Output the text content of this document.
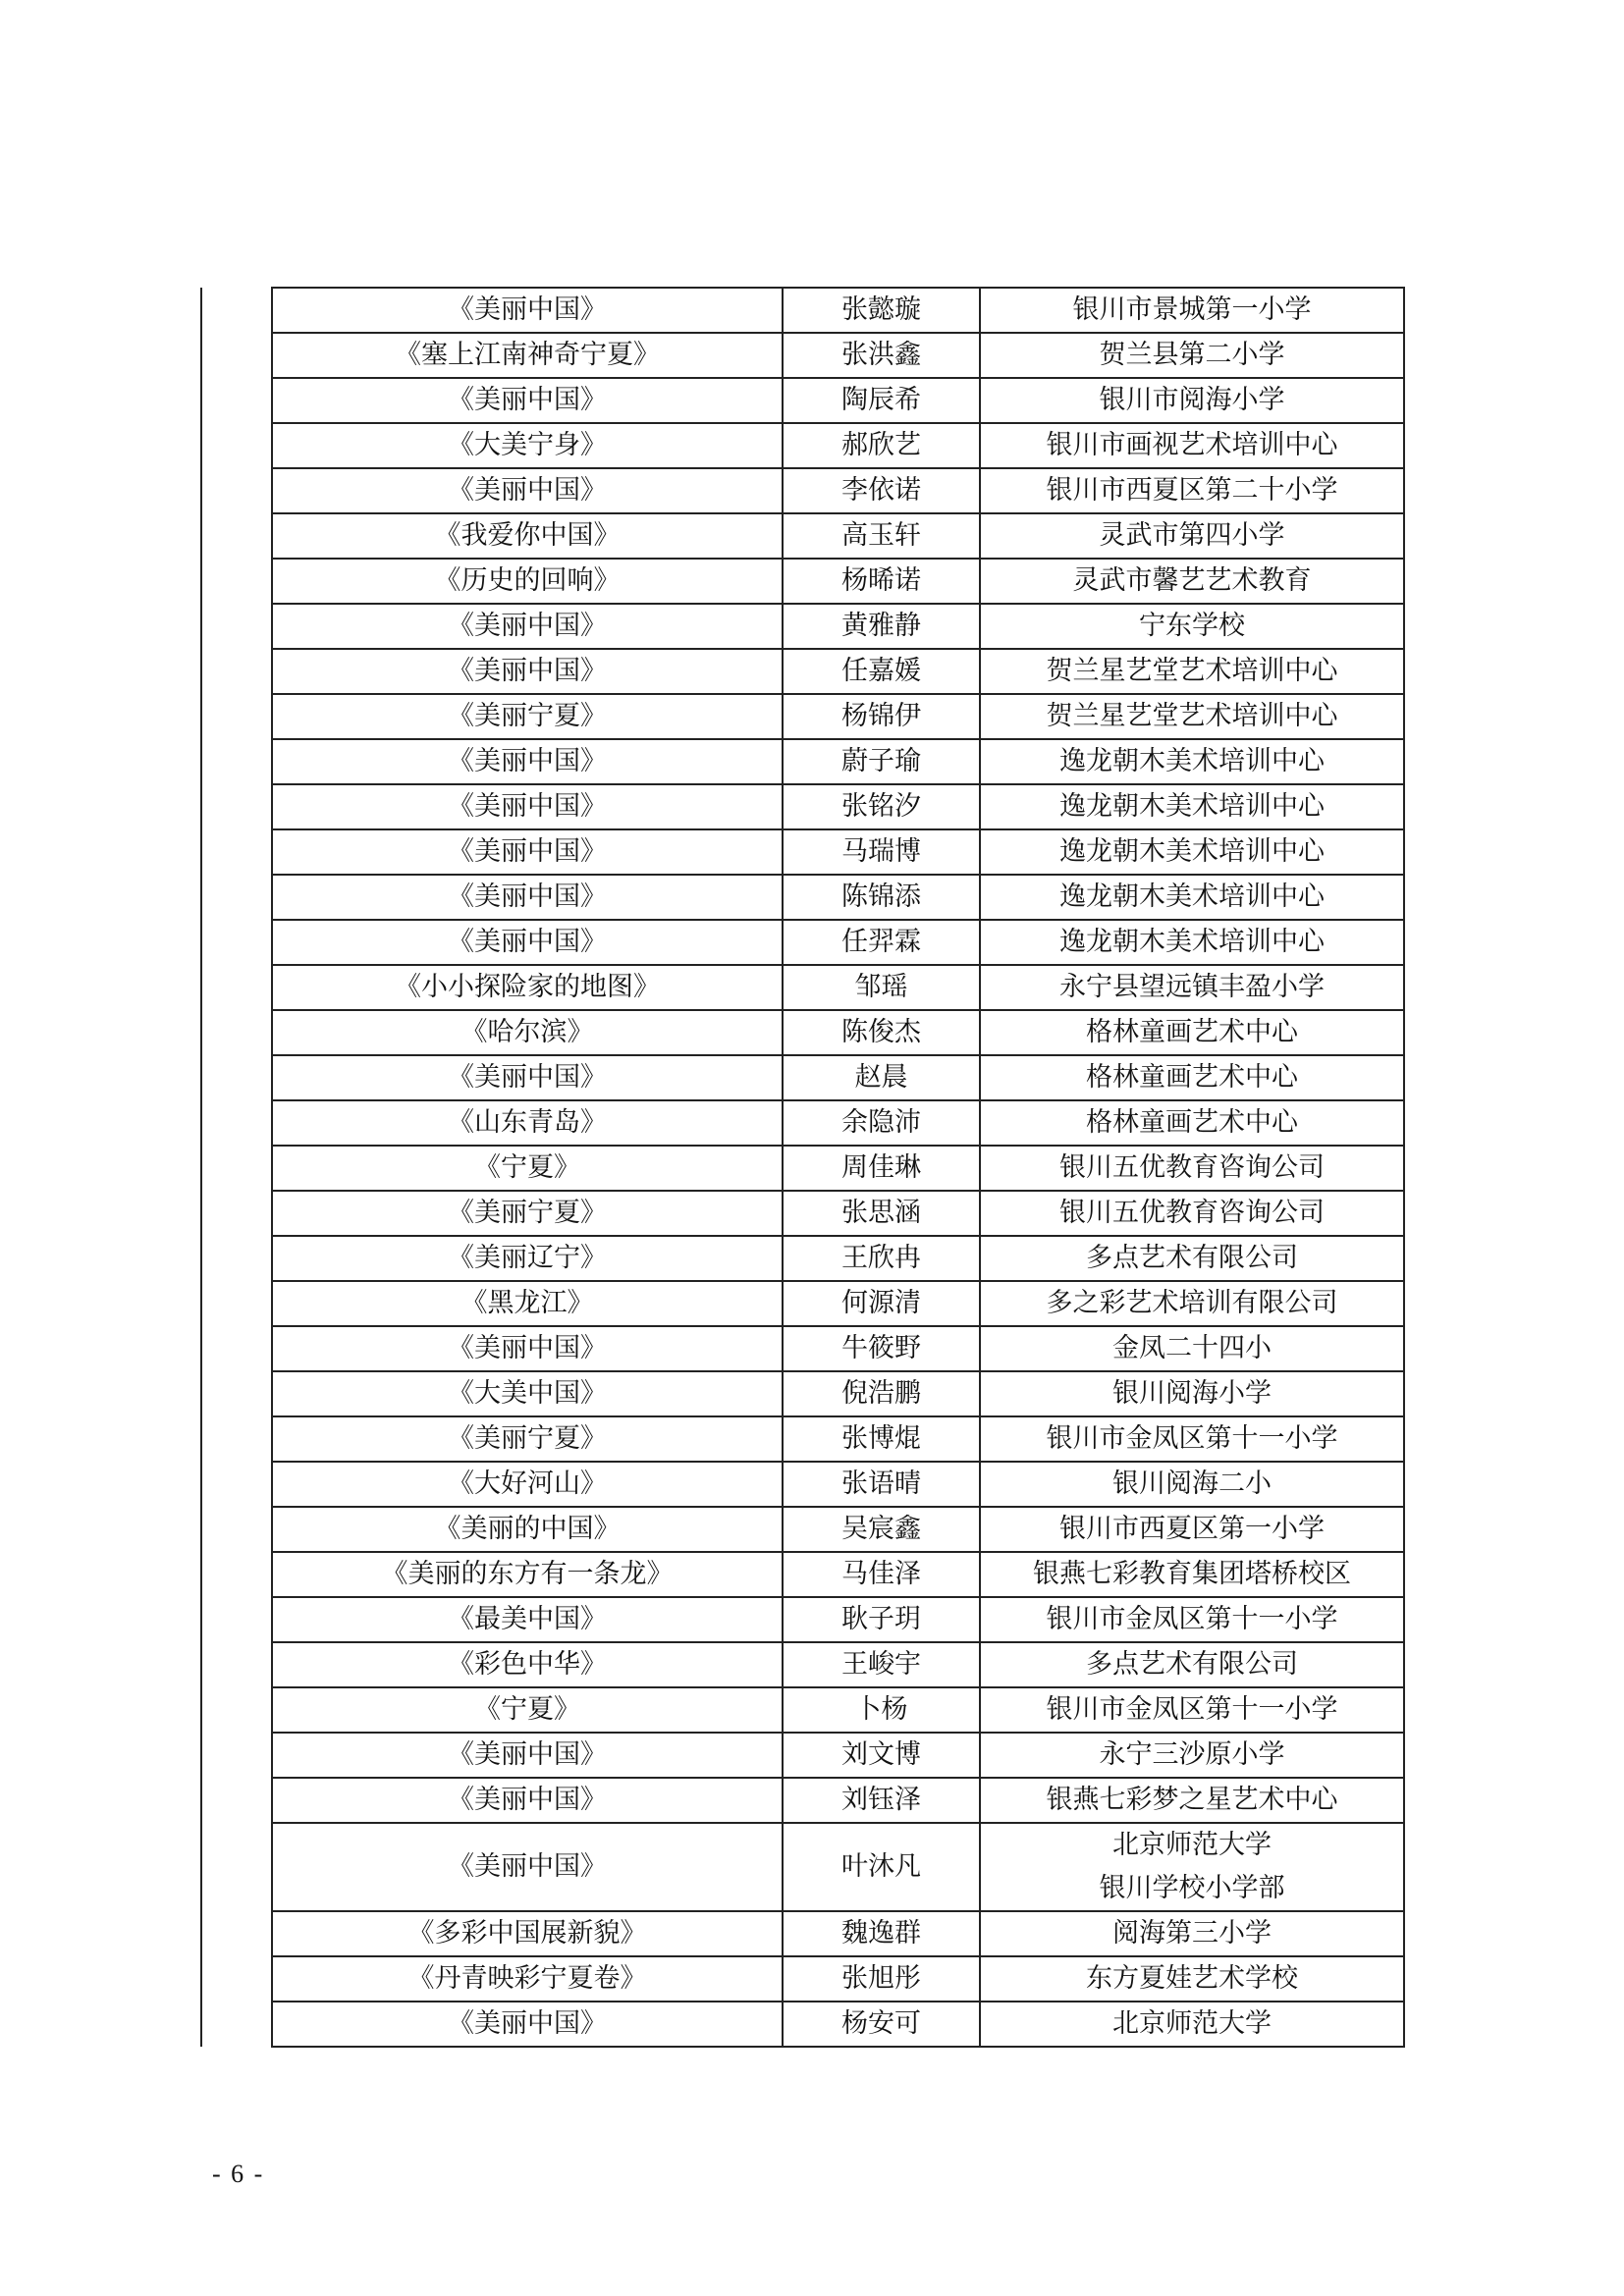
	《美丽中国》	张懿璇	银川市景城第一小学
	《塞上江南神奇宁夏》	张洪鑫	贺兰县第二小学
	《美丽中国》	陶辰希	银川市阅海小学
	《大美宁身》	郝欣艺	银川市画视艺术培训中心
	《美丽中国》	李依诺	银川市西夏区第二十小学
	《我爱你中国》	高玉轩	灵武市第四小学
	《历史的回响》	杨晞诺	灵武市馨艺艺术教育
	《美丽中国》	黄雅静	宁东学校
	《美丽中国》	任嘉媛	贺兰星艺堂艺术培训中心
	《美丽宁夏》	杨锦伊	贺兰星艺堂艺术培训中心
	《美丽中国》	蔚子瑜	逸龙朝木美术培训中心
	《美丽中国》	张铭汐	逸龙朝木美术培训中心
	《美丽中国》	马瑞博	逸龙朝木美术培训中心
	《美丽中国》	陈锦添	逸龙朝木美术培训中心
	《美丽中国》	任羿霖	逸龙朝木美术培训中心
	《小小探险家的地图》	邹瑶	永宁县望远镇丰盈小学
	《哈尔滨》	陈俊杰	格林童画艺术中心
	《美丽中国》	赵晨	格林童画艺术中心
	《山东青岛》	余隐沛	格林童画艺术中心
	《宁夏》	周佳琳	银川五优教育咨询公司
	《美丽宁夏》	张思涵	银川五优教育咨询公司
	《美丽辽宁》	王欣冉	多点艺术有限公司
	《黑龙江》	何源清	多之彩艺术培训有限公司
	《美丽中国》	牛筱野	金凤二十四小
	《大美中国》	倪浩鹏	银川阅海小学
	《美丽宁夏》	张博焜	银川市金凤区第十一小学
	《大好河山》	张语晴	银川阅海二小
	《美丽的中国》	吴宸鑫	银川市西夏区第一小学
	《美丽的东方有一条龙》	马佳泽	银燕七彩教育集团塔桥校区
	《最美中国》	耿子玥	银川市金凤区第十一小学
	《彩色中华》	王峻宇	多点艺术有限公司
	《宁夏》	卜杨	银川市金凤区第十一小学
	《美丽中国》	刘文博	永宁三沙原小学
	《美丽中国》	刘钰泽	银燕七彩梦之星艺术中心
	《美丽中国》	叶沐凡	北京师范大学
银川学校小学部

	《多彩中国展新貌》	魏逸群	阅海第三小学
	《丹青映彩宁夏卷》	张旭彤	东方夏娃艺术学校
	《美丽中国》	杨安可	北京师范大学
- 6 -
